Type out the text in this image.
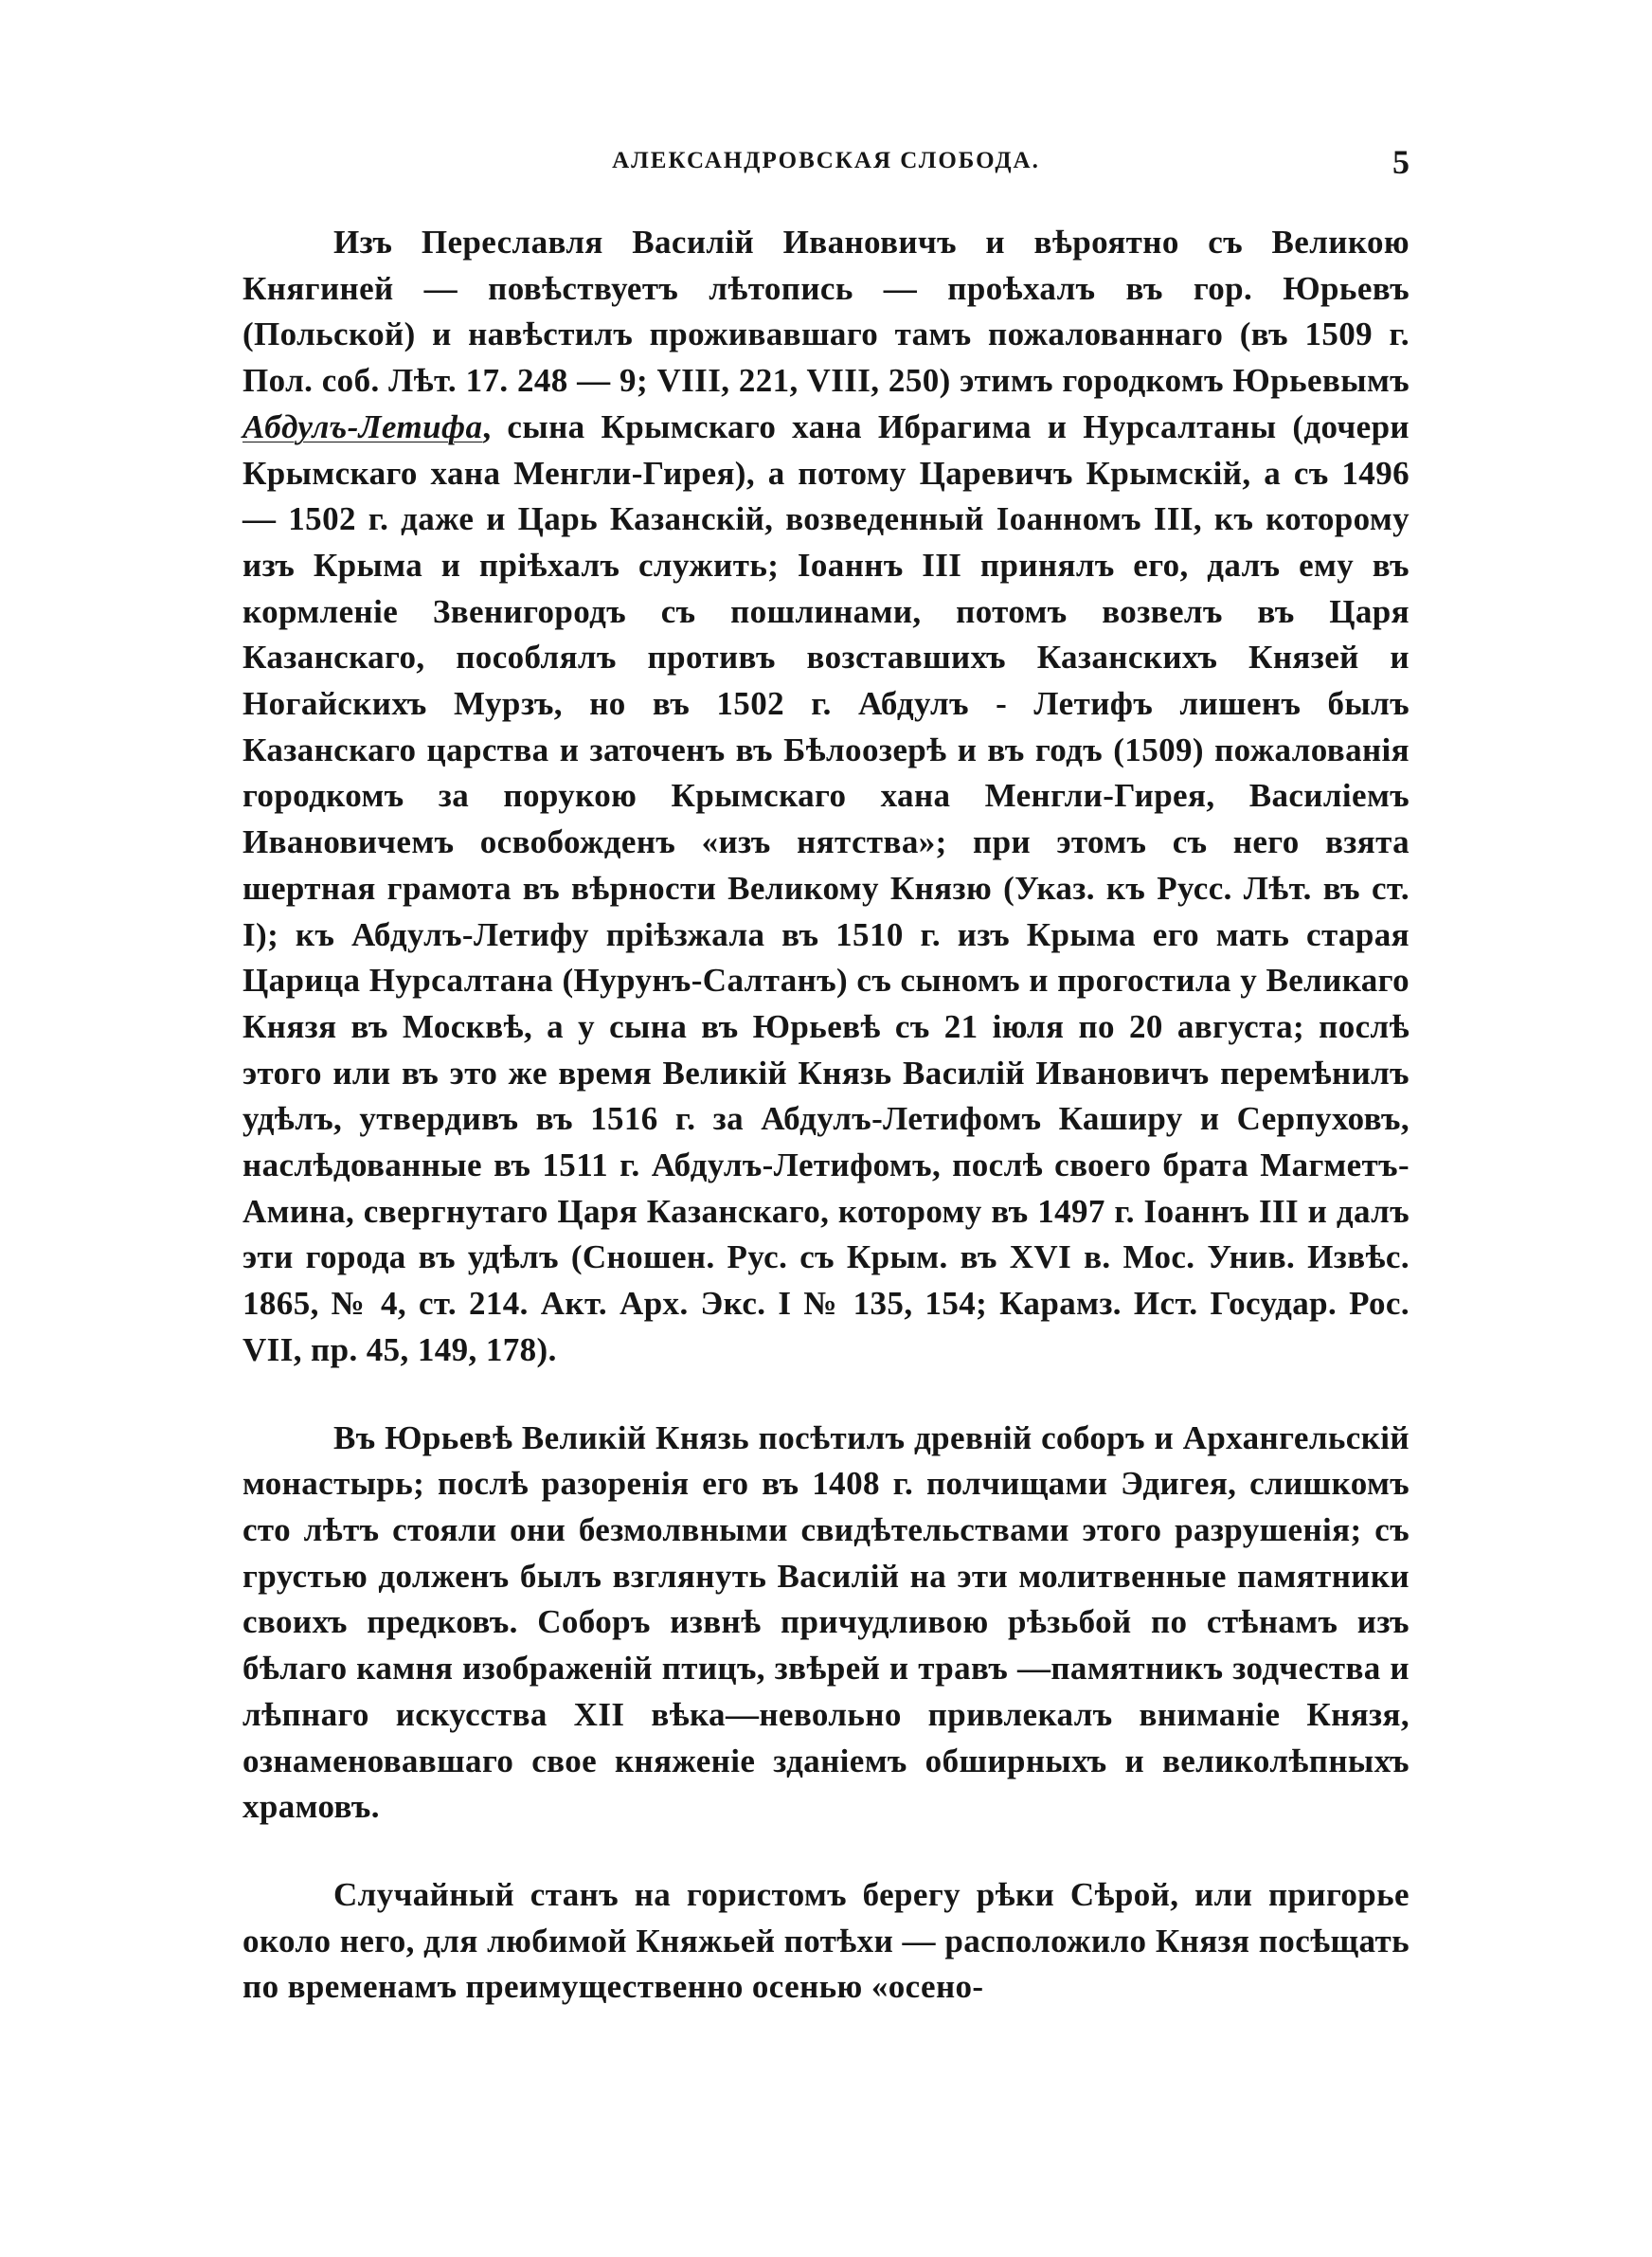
АЛЕКСАНДРОВСКАЯ СЛОБОДА.	5

Изъ Переславля Василій Ивановичъ и вѣроятно съ Великою Княгиней — повѣствуетъ лѣтопись — проѣхалъ въ гор. Юрьевъ (Польской) и навѣстилъ проживавшаго тамъ пожалованнаго (въ 1509 г. Пол. соб. Лѣт. 17. 248 — 9; VIII, 221, VIII, 250) этимъ городкомъ Юрьевымъ Абдулъ-Летифа, сына Крымскаго хана Ибрагима и Нурсалтаны (дочери Крымскаго хана Менгли-Гирея), а потому Царевичъ Крымскій, а съ 1496 — 1502 г. даже и Царь Казанскій, возведенный Іоанномъ III, къ которому изъ Крыма и пріѣхалъ служить; Іоаннъ III принялъ его, далъ ему въ кормленіе Звенигородъ съ пошлинами, потомъ возвелъ въ Царя Казанскаго, пособлялъ противъ возставшихъ Казанскихъ Князей и Ногайскихъ Мурзъ, но въ 1502 г. Абдулъ - Летифъ лишенъ былъ Казанскаго царства и заточенъ въ Бѣлоозерѣ и въ годъ (1509) пожалованія городкомъ за порукою Крымскаго хана Менгли-Гирея, Василіемъ Ивановичемъ освобожденъ «изъ нятства»; при этомъ съ него взята шертная грамота въ вѣрности Великому Князю (Указ. къ Русс. Лѣт. въ ст. I); къ Абдулъ-Летифу пріѣзжала въ 1510 г. изъ Крыма его мать старая Царица Нурсалтана (Нурунъ-Салтанъ) съ сыномъ и прогостила у Великаго Князя въ Москвѣ, а у сына въ Юрьевѣ съ 21 іюля по 20 августа; послѣ этого или въ это же время Великій Князь Василій Ивановичъ перемѣнилъ удѣлъ, утвердивъ въ 1516 г. за Абдулъ-Летифомъ Каширу и Серпуховъ, наслѣдованные въ 1511 г. Абдулъ-Летифомъ, послѣ своего брата Магметъ-Амина, свергнутаго Царя Казанскаго, которому въ 1497 г. Іоаннъ III и далъ эти города въ удѣлъ (Сношен. Рус. съ Крым. въ XVI в. Мос. Унив. Извѣс. 1865, № 4, ст. 214. Акт. Арх. Экс. I № 135, 154; Карамз. Ист. Государ. Рос. VII, пр. 45, 149, 178).

Въ Юрьевѣ Великій Князь посѣтилъ древній соборъ и Архангельскій монастырь; послѣ разоренія его въ 1408 г. полчищами Эдигея, слишкомъ сто лѣтъ стояли они безмолвными свидѣтельствами этого разрушенія; съ грустью долженъ былъ взглянуть Василій на эти молитвенные памятники своихъ предковъ. Соборъ извнѣ причудливою рѣзьбой по стѣнамъ изъ бѣлаго камня изображеній птицъ, звѣрей и травъ —памятникъ зодчества и лѣпнаго искусства XII вѣка—невольно привлекалъ вниманіе Князя, ознаменовавшаго свое княженіе зданіемъ обширныхъ и великолѣпныхъ храмовъ.

Случайный станъ на гористомъ берегу рѣки Сѣрой, или пригорье около него, для любимой Княжьей потѣхи — расположило Князя посѣщать по временамъ преимущественно осенью «осено-
